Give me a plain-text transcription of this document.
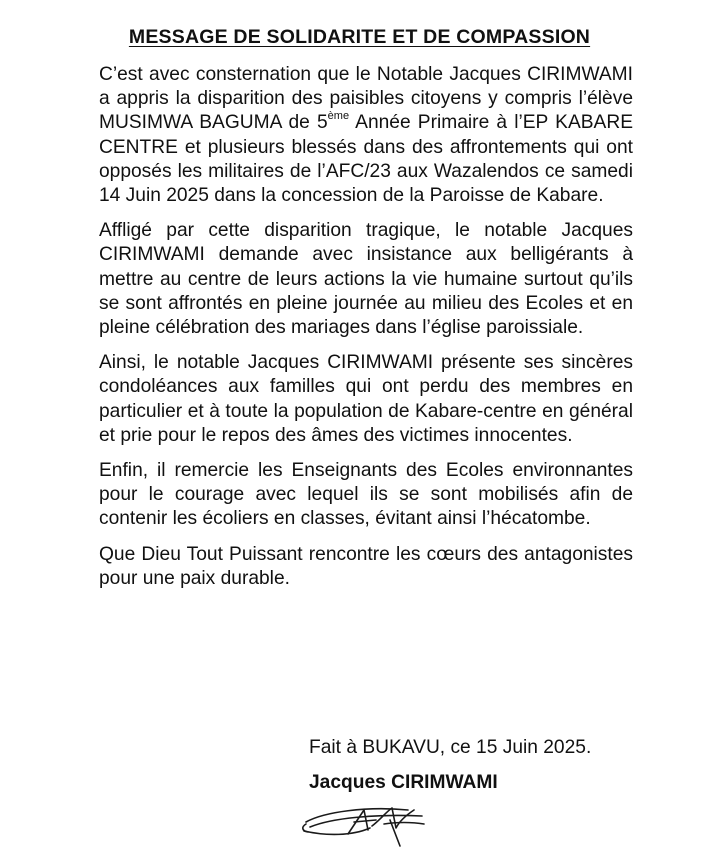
MESSAGE DE SOLIDARITE ET DE COMPASSION

C’est avec consternation que le Notable Jacques CIRIMWAMI a appris la disparition des paisibles citoyens y compris l’élève MUSIMWA BAGUMA de 5ème Année Primaire à l’EP KABARE CENTRE et plusieurs blessés dans des affrontements qui ont opposés les militaires de l’AFC/23 aux Wazalendos ce samedi 14 Juin 2025 dans la concession de la Paroisse de Kabare.

Affligé par cette disparition tragique, le notable Jacques CIRIMWAMI demande avec insistance aux belligérants à mettre au centre de leurs actions la vie humaine surtout qu’ils se sont affrontés en pleine journée au milieu des Ecoles et en pleine célébration des mariages dans l’église paroissiale.

Ainsi, le notable Jacques CIRIMWAMI présente ses sincères condoléances aux familles qui ont perdu des membres en particulier et à toute la population de Kabare-centre en général et prie pour le repos des âmes des victimes innocentes.

Enfin, il remercie les Enseignants des Ecoles environnantes pour le courage avec lequel ils se sont mobilisés afin de contenir les écoliers en classes, évitant ainsi l’hécatombe.

Que Dieu Tout Puissant rencontre les cœurs des antagonistes pour une paix durable.

Fait à BUKAVU, ce 15 Juin 2025.
Jacques CIRIMWAMI
